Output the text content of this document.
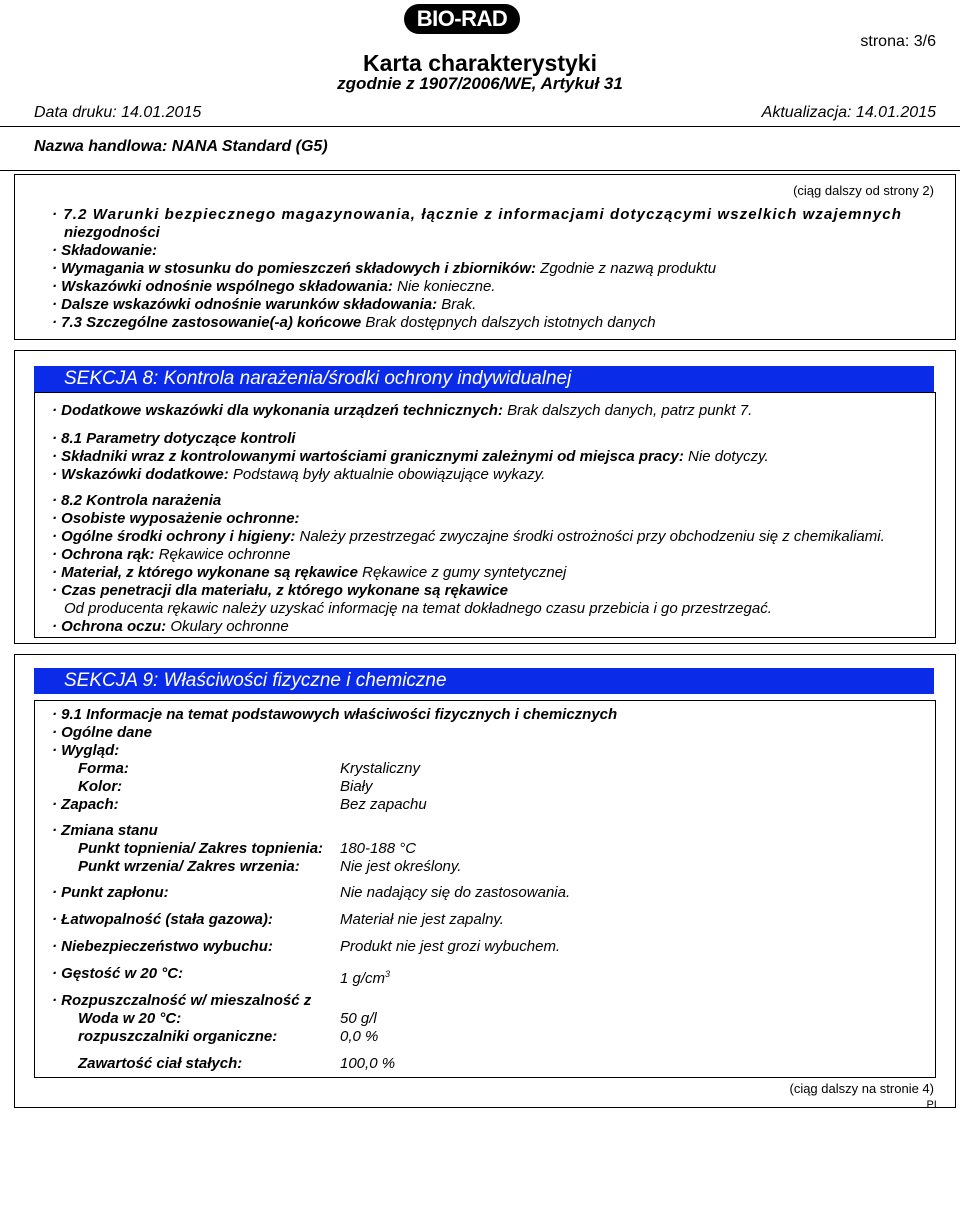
BIO-RAD
Karta charakterystyki
zgodnie z 1907/2006/WE, Artykuł 31
strona: 3/6
Data druku: 14.01.2015	Aktualizacja: 14.01.2015
Nazwa handlowa: NANA Standard (G5)
(ciąg dalszy od strony 2)
· 7.2 Warunki bezpiecznego magazynowania, łącznie z informacjami dotyczącymi wszelkich wzajemnych
niezgodności
· Składowanie:
· Wymagania w stosunku do pomieszczeń składowych i zbiorników: Zgodnie z nazwą produktu
· Wskazówki odnośnie wspólnego składowania: Nie konieczne.
· Dalsze wskazówki odnośnie warunków składowania: Brak.
· 7.3 Szczególne zastosowanie(-a) końcowe Brak dostępnych dalszych istotnych danych
SEKCJA 8: Kontrola narażenia/środki ochrony indywidualnej
· Dodatkowe wskazówki dla wykonania urządzeń technicznych: Brak dalszych danych, patrz punkt 7.
· 8.1 Parametry dotyczące kontroli
· Składniki wraz z kontrolowanymi wartościami granicznymi zależnymi od miejsca pracy: Nie dotyczy.
· Wskazówki dodatkowe: Podstawą były aktualnie obowiązujące wykazy.
· 8.2 Kontrola narażenia
· Osobiste wyposażenie ochronne:
· Ogólne środki ochrony i higieny: Należy przestrzegać zwyczajne środki ostrożności przy obchodzeniu się z chemikaliami.
· Ochrona rąk: Rękawice ochronne
· Materiał, z którego wykonane są rękawice Rękawice z gumy syntetycznej
· Czas penetracji dla materiału, z którego wykonane są rękawice
Od producenta rękawic należy uzyskać informację na temat dokładnego czasu przebicia i go przestrzegać.
· Ochrona oczu: Okulary ochronne
SEKCJA 9: Właściwości fizyczne i chemiczne
· 9.1 Informacje na temat podstawowych właściwości fizycznych i chemicznych
· Ogólne dane
· Wygląd:
Forma:	Krystaliczny
Kolor:	Biały
· Zapach:	Bez zapachu
· Zmiana stanu
Punkt topnienia/ Zakres topnienia: 180-188 °C
Punkt wrzenia/ Zakres wrzenia:	Nie jest określony.
· Punkt zapłonu:	Nie nadający się do zastosowania.
· Łatwopalność (stała gazowa):	Materiał nie jest zapalny.
· Niebezpieczeństwo wybuchu:	Produkt nie jest grozi wybuchem.
· Gęstość w 20 °C:	1 $g/cm^3$
· Rozpuszczalność w/ mieszalność z
Woda w 20 °C:	50 g/l
rozpuszczalniki organiczne:	0,0 %
Zawartość ciał stałych:	100,0 %
(ciąg dalszy na stronie 4)
PL
